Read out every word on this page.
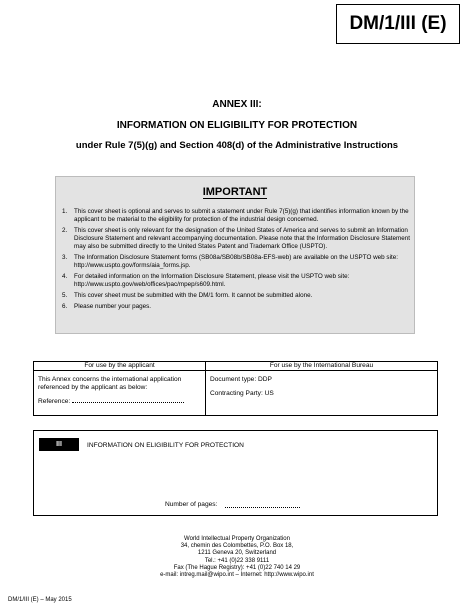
DM/1/III (E)
ANNEX III:
INFORMATION ON ELIGIBILITY FOR PROTECTION
under Rule 7(5)(g) and Section 408(d) of the Administrative Instructions
IMPORTANT
1.	This cover sheet is optional and serves to submit a statement under Rule 7(5)(g) that identifies information known by the applicant to be material to the eligibility for protection of the industrial design concerned.
2.	This cover sheet is only relevant for the designation of the United States of America and serves to submit an Information Disclosure Statement and relevant accompanying documentation. Please note that the Information Disclosure Statement may also be submitted directly to the United States Patent and Trademark Office (USPTO).
3.	The Information Disclosure Statement forms (SB08a/SB08b/SB08a-EFS-web) are available on the USPTO web site: http://www.uspto.gov/forms/aia_forms.jsp.
4.	For detailed information on the Information Disclosure Statement, please visit the USPTO web site: http://www.uspto.gov/web/offices/pac/mpep/s609.html.
5.	This cover sheet must be submitted with the DM/1 form. It cannot be submitted alone.
6.	Please number your pages.
For use by the applicant
This Annex concerns the international application referenced by the applicant as below:
Reference:
For use by the International Bureau
Document type: DDP
Contracting Party: US
III	INFORMATION ON ELIGIBILITY FOR PROTECTION
Number of pages:
World Intellectual Property Organization
34, chemin des Colombettes, P.O. Box 18,
1211 Geneva 20, Switzerland
Tel.: +41 (0)22 338 9111
Fax (The Hague Registry): +41 (0)22 740 14 29
e-mail: intreg.mail@wipo.int – Internet: http://www.wipo.int
DM/1/III (E) – May 2015
